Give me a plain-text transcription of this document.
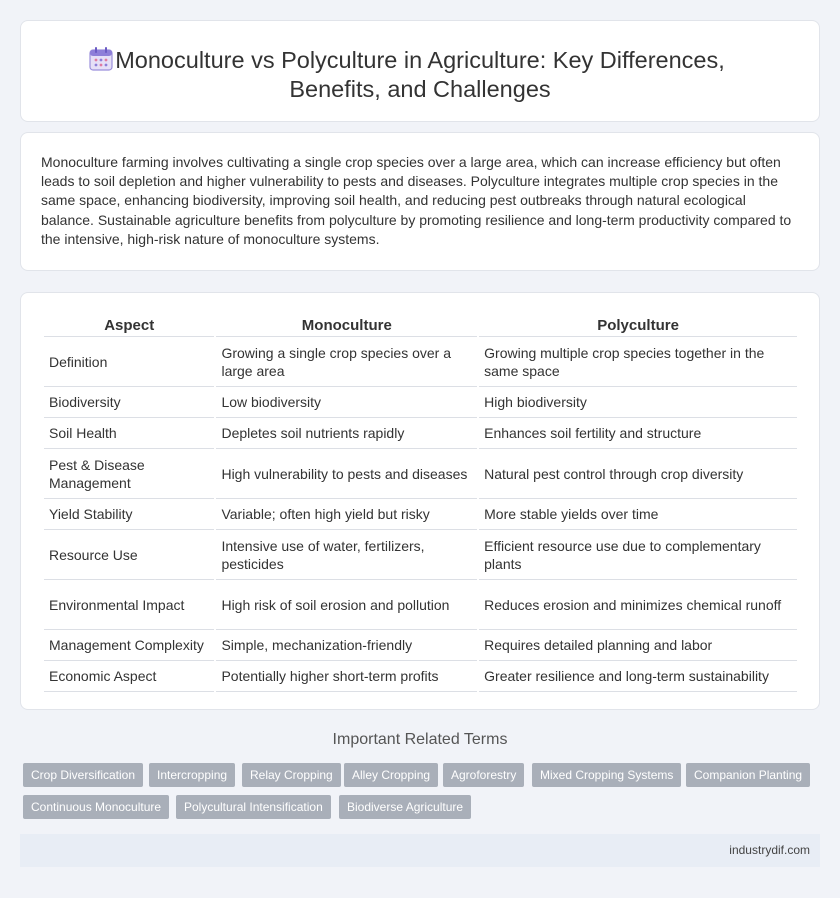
Monoculture vs Polyculture in Agriculture: Key Differences,
Benefits, and Challenges

Monoculture farming involves cultivating a single crop species over a large area, which can increase efficiency but often leads to soil depletion and higher vulnerability to pests and diseases. Polyculture integrates multiple crop species in the same space, enhancing biodiversity, improving soil health, and reducing pest outbreaks through natural ecological balance. Sustainable agriculture benefits from polyculture by promoting resilience and long-term productivity compared to the intensive, high-risk nature of monoculture systems.

Aspect	Monoculture	Polyculture
Definition	Growing a single crop species over a large area	Growing multiple crop species together in the same space
Biodiversity	Low biodiversity	High biodiversity
Soil Health	Depletes soil nutrients rapidly	Enhances soil fertility and structure
Pest & Disease Management	High vulnerability to pests and diseases	Natural pest control through crop diversity
Yield Stability	Variable; often high yield but risky	More stable yields over time
Resource Use	Intensive use of water, fertilizers, pesticides	Efficient resource use due to complementary plants
Environmental Impact	High risk of soil erosion and pollution	Reduces erosion and minimizes chemical runoff
Management Complexity	Simple, mechanization-friendly	Requires detailed planning and labor
Economic Aspect	Potentially higher short-term profits	Greater resilience and long-term sustainability
Important Related Terms
Crop Diversification	Intercropping	Relay Cropping	Alley Cropping	Agroforestry	Mixed Cropping Systems	Companion Planting
Continuous Monoculture	Polycultural Intensification	Biodiverse Agriculture
industrydif.com
